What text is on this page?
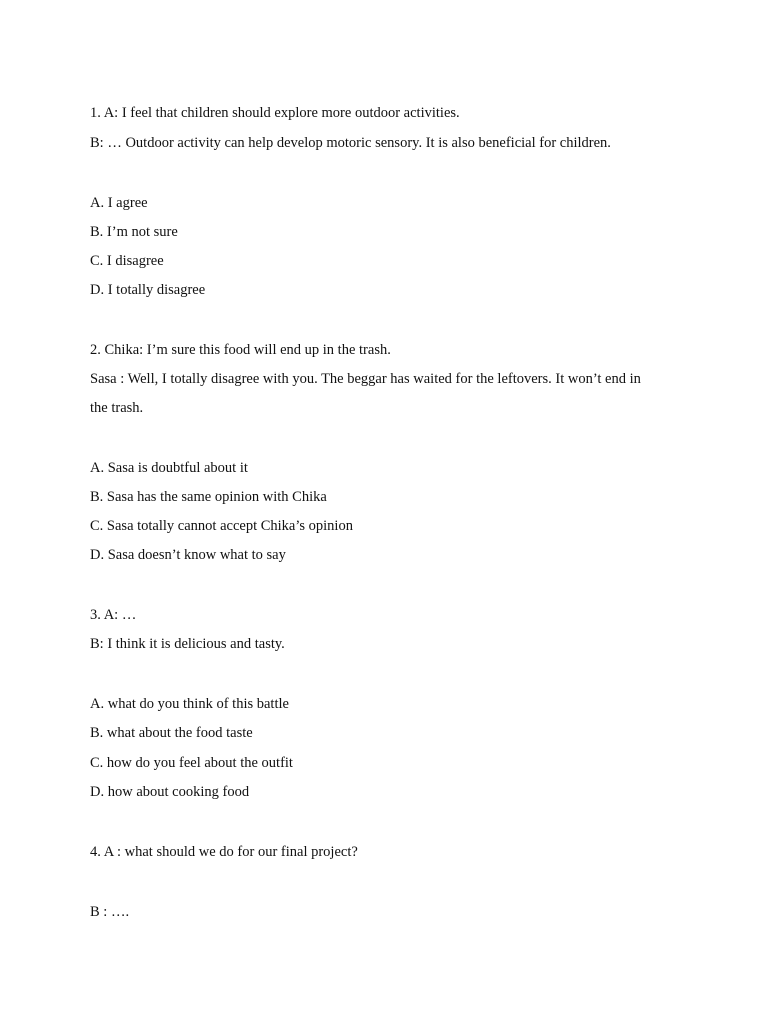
1. A: I feel that children should explore more outdoor activities.
B: … Outdoor activity can help develop motoric sensory. It is also beneficial for children.
A. I agree
B. I’m not sure
C. I disagree
D. I totally disagree
2. Chika: I’m sure this food will end up in the trash.
Sasa : Well, I totally disagree with you. The beggar has waited for the leftovers. It won’t end in
the trash.
A. Sasa is doubtful about it
B. Sasa has the same opinion with Chika
C. Sasa totally cannot accept Chika’s opinion
D. Sasa doesn’t know what to say
3. A: …
B: I think it is delicious and tasty.
A. what do you think of this battle
B. what about the food taste
C. how do you feel about the outfit
D. how about cooking food
4. A : what should we do for our final project?
B : ….
